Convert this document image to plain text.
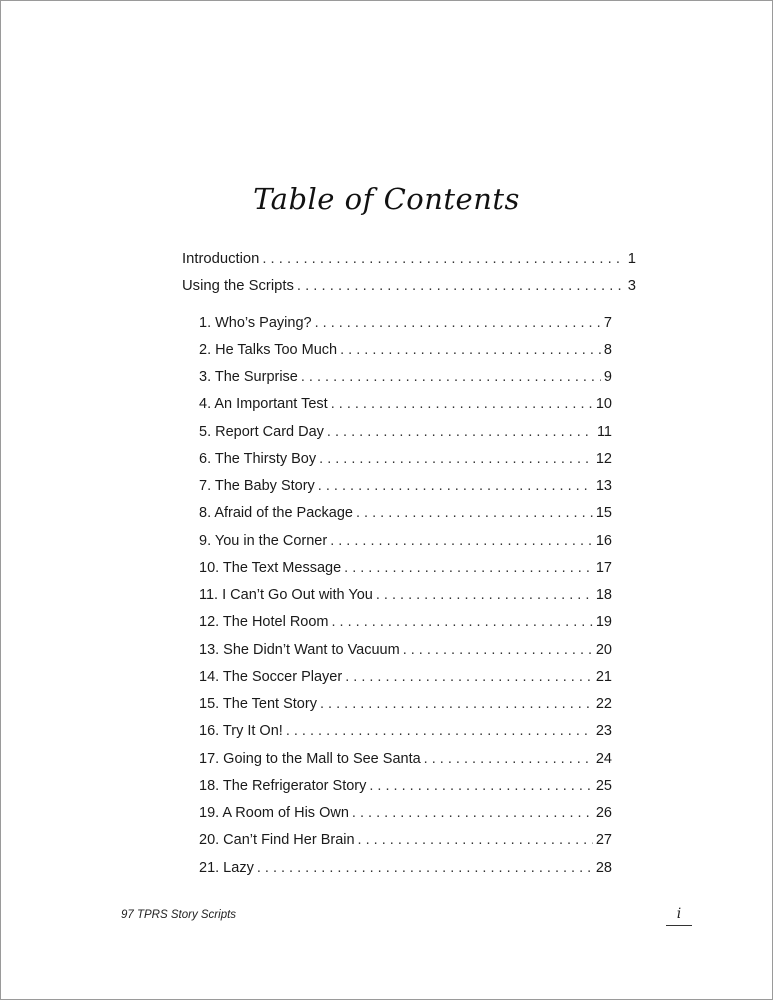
Table of Contents
Introduction . . .	1
Using the Scripts . . .	3
1. Who’s Paying? . . .	7
2. He Talks Too Much . . .	8
3. The Surprise . . .	9
4. An Important Test . . .	10
5. Report Card Day . . .	11
6. The Thirsty Boy . . .	12
7. The Baby Story . . .	13
8. Afraid of the Package . . .	15
9. You in the Corner . . .	16
10. The Text Message . . .	17
11. I Can’t Go Out with You . . .	18
12. The Hotel Room . . .	19
13. She Didn’t Want to Vacuum . . .	20
14. The Soccer Player . . .	21
15. The Tent Story . . .	22
16. Try It On! . . .	23
17. Going to the Mall to See Santa . . .	24
18. The Refrigerator Story . . .	25
19. A Room of His Own . . .	26
20. Can’t Find Her Brain . . .	27
21. Lazy . . .	28
97 TPRS Story Scripts	i
